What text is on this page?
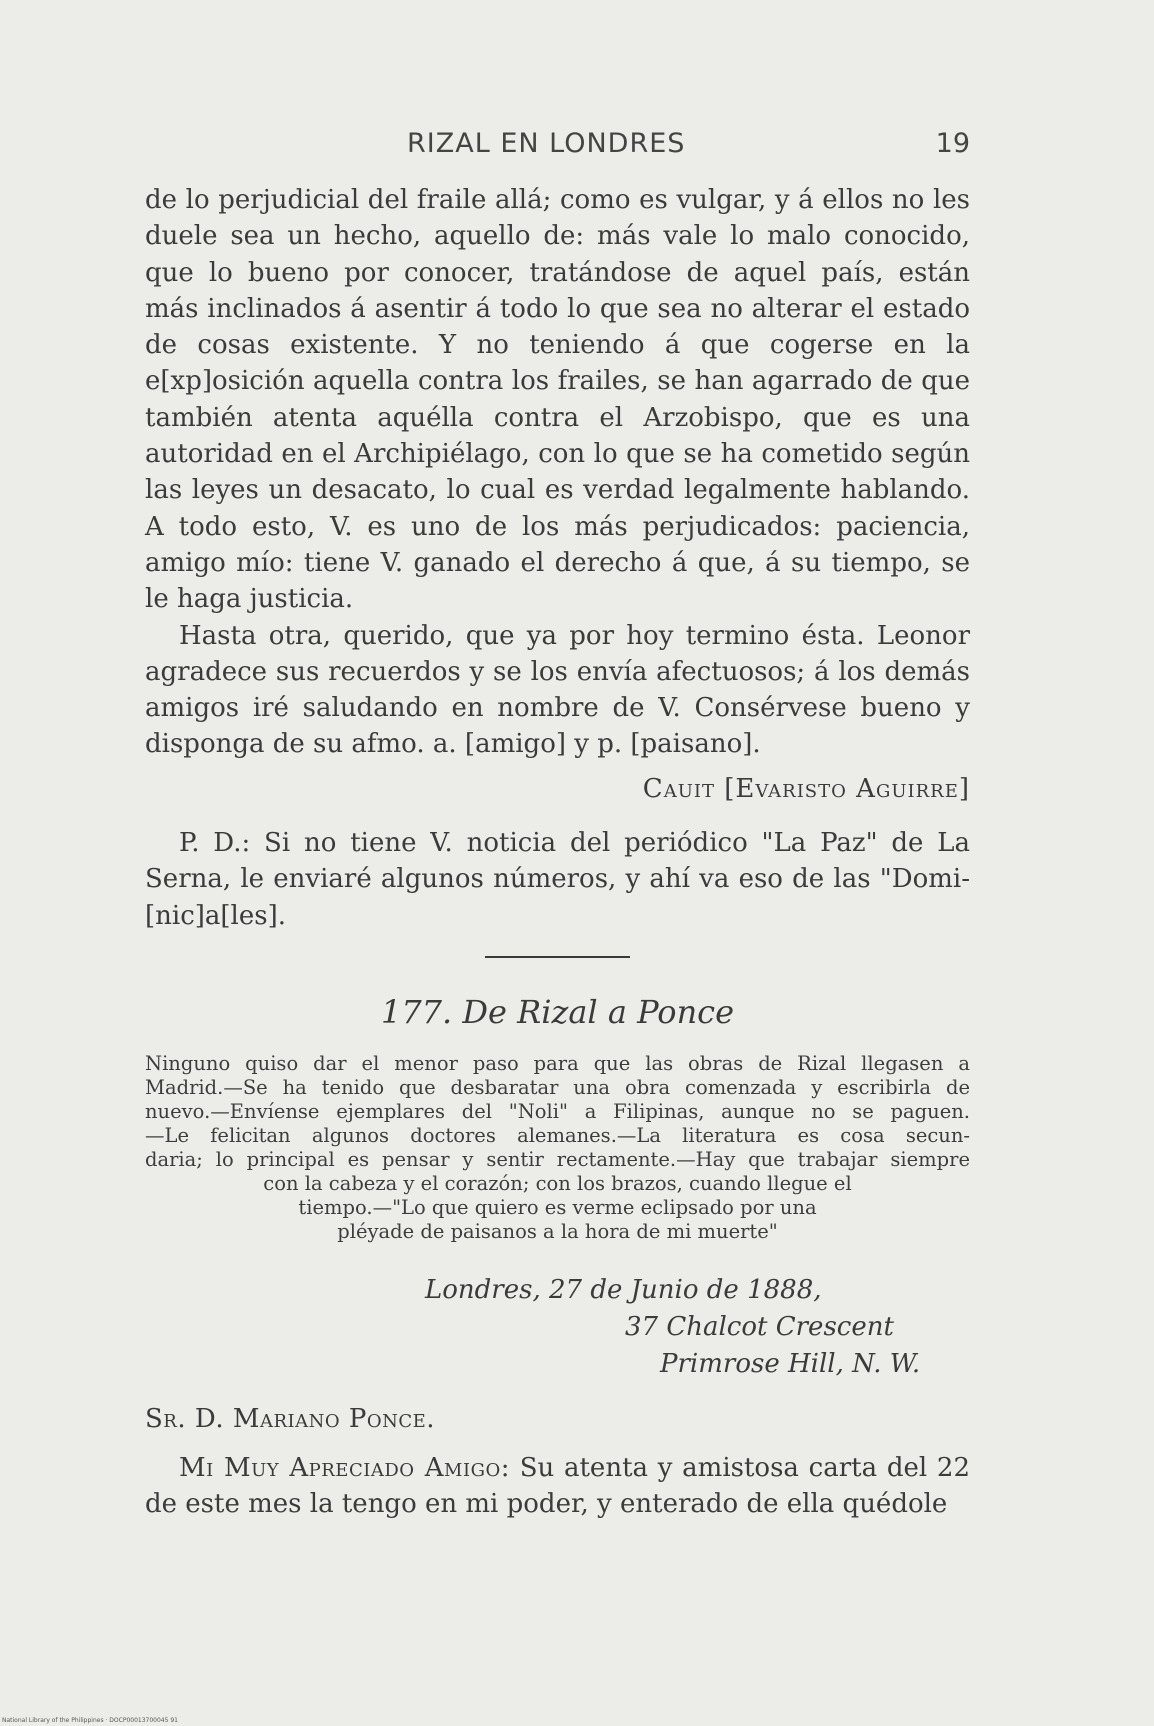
RIZAL EN LONDRES	19

de lo perjudicial del fraile allá; como es vulgar, y á ellos no les duele sea un hecho, aquello de: más vale lo malo conocido, que lo bueno por conocer, tratándose de aquel país, están más inclinados á asentir á todo lo que sea no alterar el estado de cosas existente. Y no teniendo á que cogerse en la e[xp]osición aquella contra los frailes, se han agarrado de que también atenta aquélla contra el Arzobispo, que es una autoridad en el Archipiélago, con lo que se ha cometido según las leyes un desacato, lo cual es verdad legalmente hablando. A todo esto, V. es uno de los más perjudicados: paciencia, amigo mío: tiene V. ganado el derecho á que, á su tiempo, se le haga justicia.

Hasta otra, querido, que ya por hoy termino ésta. Leonor agradece sus recuerdos y se los envía afectuosos; á los demás amigos iré saludando en nombre de V. Consérvese bueno y disponga de su afmo. a. [amigo] y p. [paisano].

Cauit [Evaristo Aguirre]

P. D.: Si no tiene V. noticia del periódico "La Paz" de La Serna, le enviaré algunos números, y ahí va eso de las "Domi-[nic]a[les].

177. De Rizal a Ponce
Ninguno quiso dar el menor paso para que las obras de Rizal llegasen a
Madrid.—Se ha tenido que desbaratar una obra comenzada y escribirla de
nuevo.—Envíense ejemplares del "Noli" a Filipinas, aunque no se paguen.
—Le felicitan algunos doctores alemanes.—La literatura es cosa secun-
daria; lo principal es pensar y sentir rectamente.—Hay que trabajar siempre
con la cabeza y el corazón; con los brazos, cuando llegue el
tiempo.—"Lo que quiero es verme eclipsado por una
pléyade de paisanos a la hora de mi muerte"
Londres, 27 de Junio de 1888,
37 Chalcot Crescent
Primrose Hill, N. W.
Sr. D. Mariano Ponce.

Mi Muy Apreciado Amigo: Su atenta y amistosa carta del 22 de este mes la tengo en mi poder, y enterado de ella quédole

National Library of the Philippines · DOCP00013700045 91
